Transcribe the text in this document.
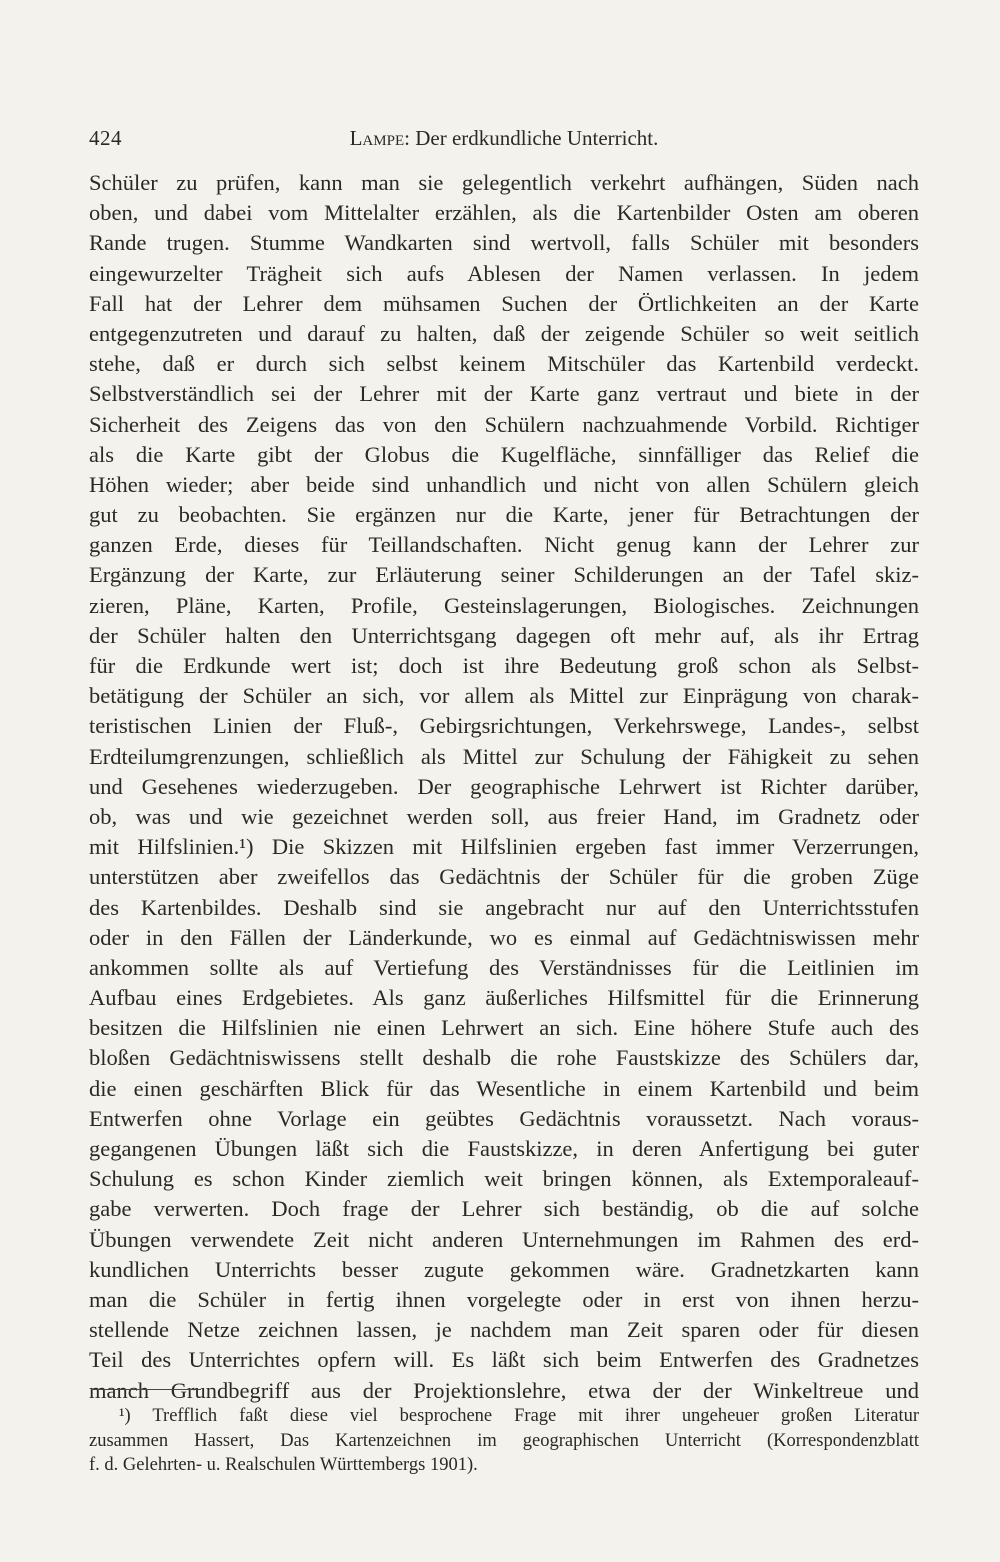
424	Lampe: Der erdkundliche Unterricht.
Schüler zu prüfen, kann man sie gelegentlich verkehrt aufhängen, Süden nach
oben, und dabei vom Mittelalter erzählen, als die Kartenbilder Osten am oberen
Rande trugen. Stumme Wandkarten sind wertvoll, falls Schüler mit besonders
eingewurzelter Trägheit sich aufs Ablesen der Namen verlassen. In jedem
Fall hat der Lehrer dem mühsamen Suchen der Örtlichkeiten an der Karte
entgegenzutreten und darauf zu halten, daß der zeigende Schüler so weit seitlich
stehe, daß er durch sich selbst keinem Mitschüler das Kartenbild verdeckt.
Selbstverständlich sei der Lehrer mit der Karte ganz vertraut und biete in der
Sicherheit des Zeigens das von den Schülern nachzuahmende Vorbild. Richtiger
als die Karte gibt der Globus die Kugelfläche, sinnfälliger das Relief die
Höhen wieder; aber beide sind unhandlich und nicht von allen Schülern gleich
gut zu beobachten. Sie ergänzen nur die Karte, jener für Betrachtungen der
ganzen Erde, dieses für Teillandschaften. Nicht genug kann der Lehrer zur
Ergänzung der Karte, zur Erläuterung seiner Schilderungen an der Tafel skiz-
zieren, Pläne, Karten, Profile, Gesteinslagerungen, Biologisches. Zeichnungen
der Schüler halten den Unterrichtsgang dagegen oft mehr auf, als ihr Ertrag
für die Erdkunde wert ist; doch ist ihre Bedeutung groß schon als Selbst-
betätigung der Schüler an sich, vor allem als Mittel zur Einprägung von charak-
teristischen Linien der Fluß-, Gebirgsrichtungen, Verkehrswege, Landes-, selbst
Erdteilumgrenzungen, schließlich als Mittel zur Schulung der Fähigkeit zu sehen
und Gesehenes wiederzugeben. Der geographische Lehrwert ist Richter darüber,
ob, was und wie gezeichnet werden soll, aus freier Hand, im Gradnetz oder
mit Hilfslinien.¹) Die Skizzen mit Hilfslinien ergeben fast immer Verzerrungen,
unterstützen aber zweifellos das Gedächtnis der Schüler für die groben Züge
des Kartenbildes. Deshalb sind sie angebracht nur auf den Unterrichtsstufen
oder in den Fällen der Länderkunde, wo es einmal auf Gedächtniswissen mehr
ankommen sollte als auf Vertiefung des Verständnisses für die Leitlinien im
Aufbau eines Erdgebietes. Als ganz äußerliches Hilfsmittel für die Erinnerung
besitzen die Hilfslinien nie einen Lehrwert an sich. Eine höhere Stufe auch des
bloßen Gedächtniswissens stellt deshalb die rohe Faustskizze des Schülers dar,
die einen geschärften Blick für das Wesentliche in einem Kartenbild und beim
Entwerfen ohne Vorlage ein geübtes Gedächtnis voraussetzt. Nach voraus-
gegangenen Übungen läßt sich die Faustskizze, in deren Anfertigung bei guter
Schulung es schon Kinder ziemlich weit bringen können, als Extemporaleauf-
gabe verwerten. Doch frage der Lehrer sich beständig, ob die auf solche
Übungen verwendete Zeit nicht anderen Unternehmungen im Rahmen des erd-
kundlichen Unterrichts besser zugute gekommen wäre. Gradnetzkarten kann
man die Schüler in fertig ihnen vorgelegte oder in erst von ihnen herzu-
stellende Netze zeichnen lassen, je nachdem man Zeit sparen oder für diesen
Teil des Unterrichtes opfern will. Es läßt sich beim Entwerfen des Gradnetzes
manch Grundbegriff aus der Projektionslehre, etwa der der Winkeltreue und
¹) Trefflich faßt diese viel besprochene Frage mit ihrer ungeheuer großen Literatur
zusammen Hassert, Das Kartenzeichnen im geographischen Unterricht (Korrespondenzblatt
f. d. Gelehrten- u. Realschulen Württembergs 1901).
